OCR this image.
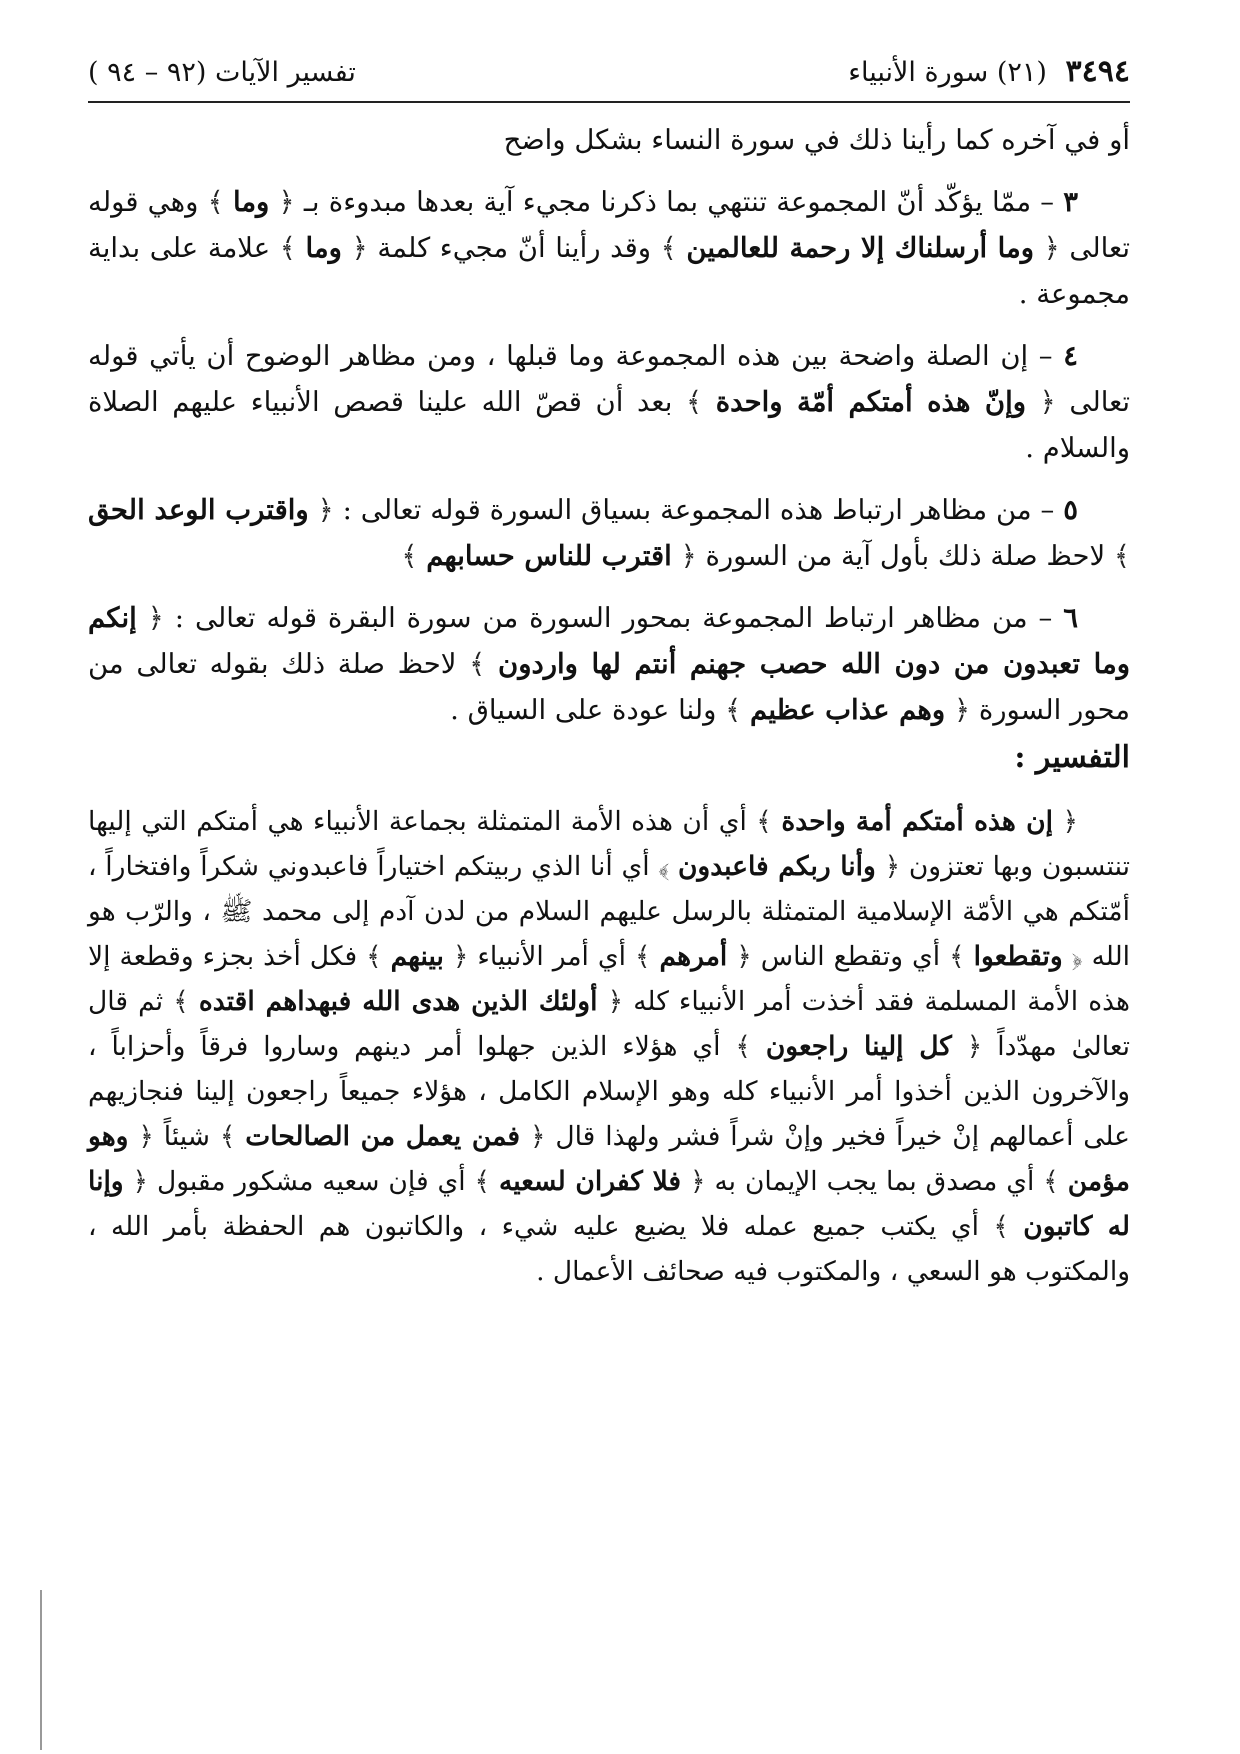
٣٤٩٤ (٢١) سورة الأنبياء
تفسير الآيات (٩٢ – ٩٤ )

أو في آخره كما رأينا ذلك في سورة النساء بشكل واضح

٣ – ممّا يؤكّد أنّ المجموعة تنتهي بما ذكرنا مجيء آية بعدها مبدوءة بـ ﴿ وما ﴾ وهي قوله تعالى ﴿ وما أرسلناك إلا رحمة للعالمين ﴾ وقد رأينا أنّ مجيء كلمة ﴿ وما ﴾ علامة على بداية مجموعة .

٤ – إن الصلة واضحة بين هذه المجموعة وما قبلها ، ومن مظاهر الوضوح أن يأتي قوله تعالى ﴿ وإنّ هذه أمتكم أمّة واحدة ﴾ بعد أن قصّ الله علينا قصص الأنبياء عليهم الصلاة والسلام .

٥ – من مظاهر ارتباط هذه المجموعة بسياق السورة قوله تعالى : ﴿ واقترب الوعد الحق ﴾ لاحظ صلة ذلك بأول آية من السورة ﴿ اقترب للناس حسابهم ﴾

٦ – من مظاهر ارتباط المجموعة بمحور السورة من سورة البقرة قوله تعالى : ﴿ إنكم وما تعبدون من دون الله حصب جهنم أنتم لها واردون ﴾ لاحظ صلة ذلك بقوله تعالى من محور السورة ﴿ وهم عذاب عظيم ﴾ ولنا عودة على السياق .

التفسير :

﴿ إن هذه أمتكم أمة واحدة ﴾ أي أن هذه الأمة المتمثلة بجماعة الأنبياء هي أمتكم التي إليها تنتسبون وبها تعتزون ﴿ وأنا ربكم فاعبدون ﴾ أي أنا الذي ربيتكم اختياراً فاعبدوني شكراً وافتخاراً ، أمّتكم هي الأمّة الإسلامية المتمثلة بالرسل عليهم السلام من لدن آدم إلى محمد ﷺ ، والرّب هو الله ﴿ وتقطعوا ﴾ أي وتقطع الناس ﴿ أمرهم ﴾ أي أمر الأنبياء ﴿ بينهم ﴾ فكل أخذ بجزء وقطعة إلا هذه الأمة المسلمة فقد أخذت أمر الأنبياء كله ﴿ أولئك الذين هدى الله فبهداهم اقتده ﴾ ثم قال تعالىٰ مهدّداً ﴿ كل إلينا راجعون ﴾ أي هؤلاء الذين جهلوا أمر دينهم وساروا فرقاً وأحزاباً ، والآخرون الذين أخذوا أمر الأنبياء كله وهو الإسلام الكامل ، هؤلاء جميعاً راجعون إلينا فنجازيهم على أعمالهم إنْ خيراً فخير وإنْ شراً فشر ولهذا قال ﴿ فمن يعمل من الصالحات ﴾ شيئاً ﴿ وهو مؤمن ﴾ أي مصدق بما يجب الإيمان به ﴿ فلا كفران لسعيه ﴾ أي فإن سعيه مشكور مقبول ﴿ وإنا له كاتبون ﴾ أي يكتب جميع عمله فلا يضيع عليه شيء ، والكاتبون هم الحفظة بأمر الله ، والمكتوب هو السعي ، والمكتوب فيه صحائف الأعمال .
